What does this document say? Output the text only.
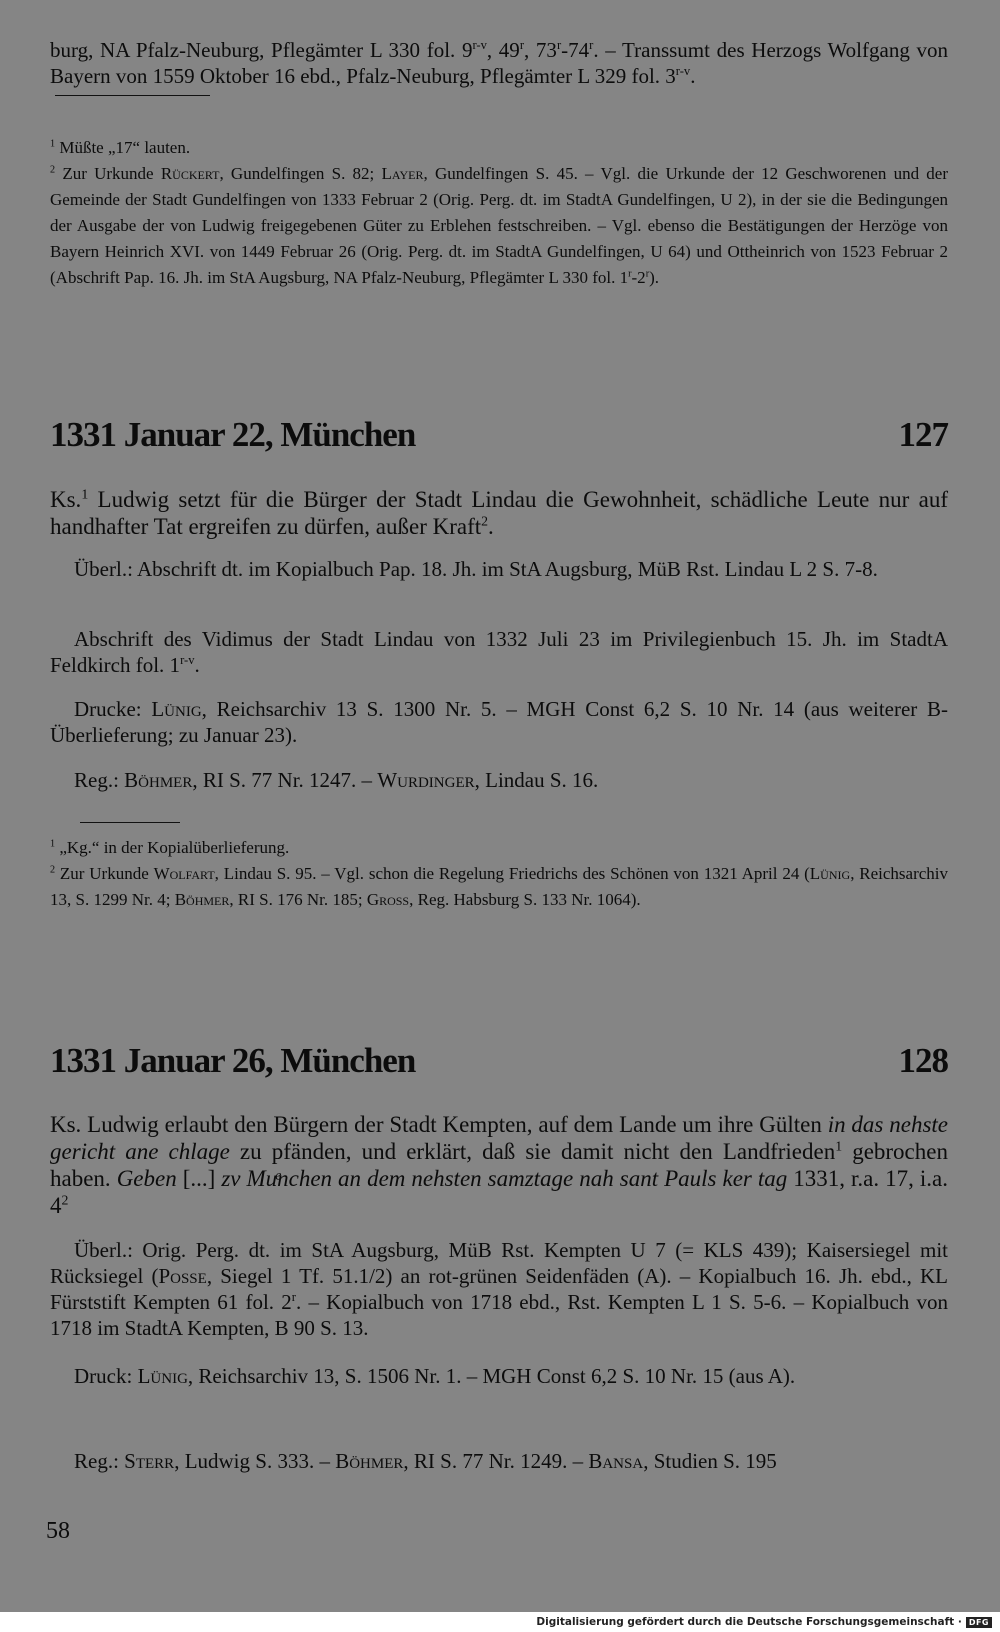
burg, NA Pfalz-Neuburg, Pflegämter L 330 fol. 9$^{r-v}$, 49$^r$, 73$^r$-74$^r$. – Transsumt des Herzogs Wolfgang von Bayern von 1559 Oktober 16 ebd., Pfalz-Neuburg, Pflegämter L 329 fol. 3$^{r-v}$.

$^1$ Müßte „17“ lauten.

$^2$ Zur Urkunde Rückert, Gundelfingen S. 82; Layer, Gundelfingen S. 45. – Vgl. die Urkunde der 12 Geschworenen und der Gemeinde der Stadt Gundelfingen von 1333 Februar 2 (Orig. Perg. dt. im StadtA Gundelfingen, U 2), in der sie die Bedingungen der Ausgabe der von Ludwig freigegebenen Güter zu Erblehen festschreiben. – Vgl. ebenso die Bestätigungen der Herzöge von Bayern Heinrich XVI. von 1449 Februar 26 (Orig. Perg. dt. im StadtA Gundelfingen, U 64) und Ottheinrich von 1523 Februar 2 (Abschrift Pap. 16. Jh. im StA Augsburg, NA Pfalz-Neuburg, Pflegämter L 330 fol. 1$^r$-2$^r$).

1331 Januar 22, München	127

Ks.$^1$ Ludwig setzt für die Bürger der Stadt Lindau die Gewohnheit, schädliche Leute nur auf handhafter Tat ergreifen zu dürfen, außer Kraft$^2$.

Überl.: Abschrift dt. im Kopialbuch Pap. 18. Jh. im StA Augsburg, MüB Rst. Lindau L 2 S. 7-8.

Abschrift des Vidimus der Stadt Lindau von 1332 Juli 23 im Privilegienbuch 15. Jh. im StadtA Feldkirch fol. 1$^{r-v}$.

Drucke: Lünig, Reichsarchiv 13 S. 1300 Nr. 5. – MGH Const 6,2 S. 10 Nr. 14 (aus weiterer B-Überlieferung; zu Januar 23).

Reg.: Böhmer, RI S. 77 Nr. 1247. – Wurdinger, Lindau S. 16.

$^1$ „Kg.“ in der Kopialüberlieferung.

$^2$ Zur Urkunde Wolfart, Lindau S. 95. – Vgl. schon die Regelung Friedrichs des Schönen von 1321 April 24 (Lünig, Reichsarchiv 13, S. 1299 Nr. 4; Böhmer, RI S. 176 Nr. 185; Gross, Reg. Habsburg S. 133 Nr. 1064).

1331 Januar 26, München	128

Ks. Ludwig erlaubt den Bürgern der Stadt Kempten, auf dem Lande um ihre Gülten in das nehste gericht ane chlage zu pfänden, und erklärt, daß sie damit nicht den Landfrieden$^1$ gebrochen haben. Geben [...] zv Muͤnchen an dem nehsten samztage nah sant Pauls ker tag 1331, r.a. 17, i.a. $4^2$

Überl.: Orig. Perg. dt. im StA Augsburg, MüB Rst. Kempten U 7 (= KLS 439); Kaisersiegel mit Rücksiegel (Posse, Siegel 1 Tf. 51.1/2) an rot-grünen Seidenfäden (A). – Kopialbuch 16. Jh. ebd., KL Fürststift Kempten 61 fol. 2$^r$. – Kopialbuch von 1718 ebd., Rst. Kempten L 1 S. 5-6. – Kopialbuch von 1718 im StadtA Kempten, B 90 S. 13.

Druck: Lünig, Reichsarchiv 13, S. 1506 Nr. 1. – MGH Const 6,2 S. 10 Nr. 15 (aus A).

Reg.: Sterr, Ludwig S. 333. – Böhmer, RI S. 77 Nr. 1249. – Bansa, Studien S. 195

58
Digitalisierung gefördert durch die Deutsche Forschungsgemeinschaft · DFG
